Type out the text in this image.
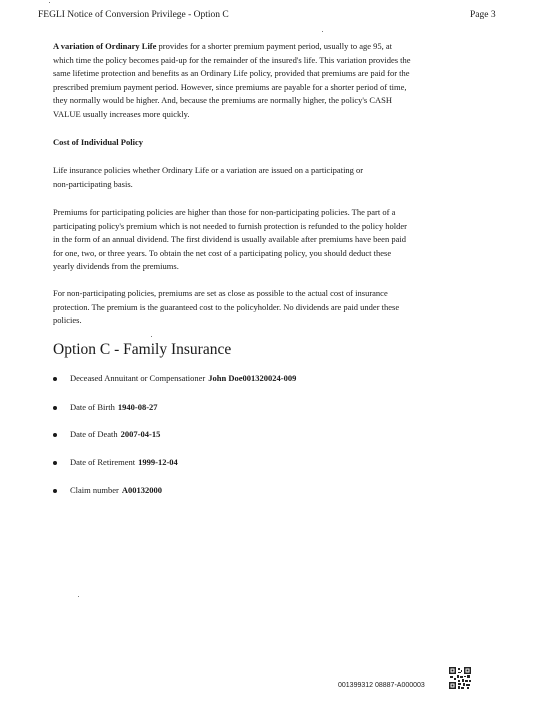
FEGLI Notice of Conversion Privilege - Option C	Page 3
A variation of Ordinary Life provides for a shorter premium payment period, usually to age 95, at
which time the policy becomes paid-up for the remainder of the insured's life. This variation provides the
same lifetime protection and benefits as an Ordinary Life policy, provided that premiums are paid for the
prescribed premium payment period. However, since premiums are payable for a shorter period of time,
they normally would be higher. And, because the premiums are normally higher, the policy's CASH
VALUE usually increases more quickly.
Cost of Individual Policy
Life insurance policies whether Ordinary Life or a variation are issued on a participating or
non-participating basis.
Premiums for participating policies are higher than those for non-participating policies. The part of a
participating policy's premium which is not needed to furnish protection is refunded to the policy holder
in the form of an annual dividend. The first dividend is usually available after premiums have been paid
for one, two, or three years. To obtain the net cost of a participating policy, you should deduct these
yearly dividends from the premiums.
For non-participating policies, premiums are set as close as possible to the actual cost of insurance
protection. The premium is the guaranteed cost to the policyholder. No dividends are paid under these
policies.
Option C - Family Insurance
Deceased Annuitant or Compensationer John Doe001320024-009
Date of Birth 1940-08-27
Date of Death 2007-04-15
Date of Retirement 1999-12-04
Claim number A00132000
001399312 08887-A000003
